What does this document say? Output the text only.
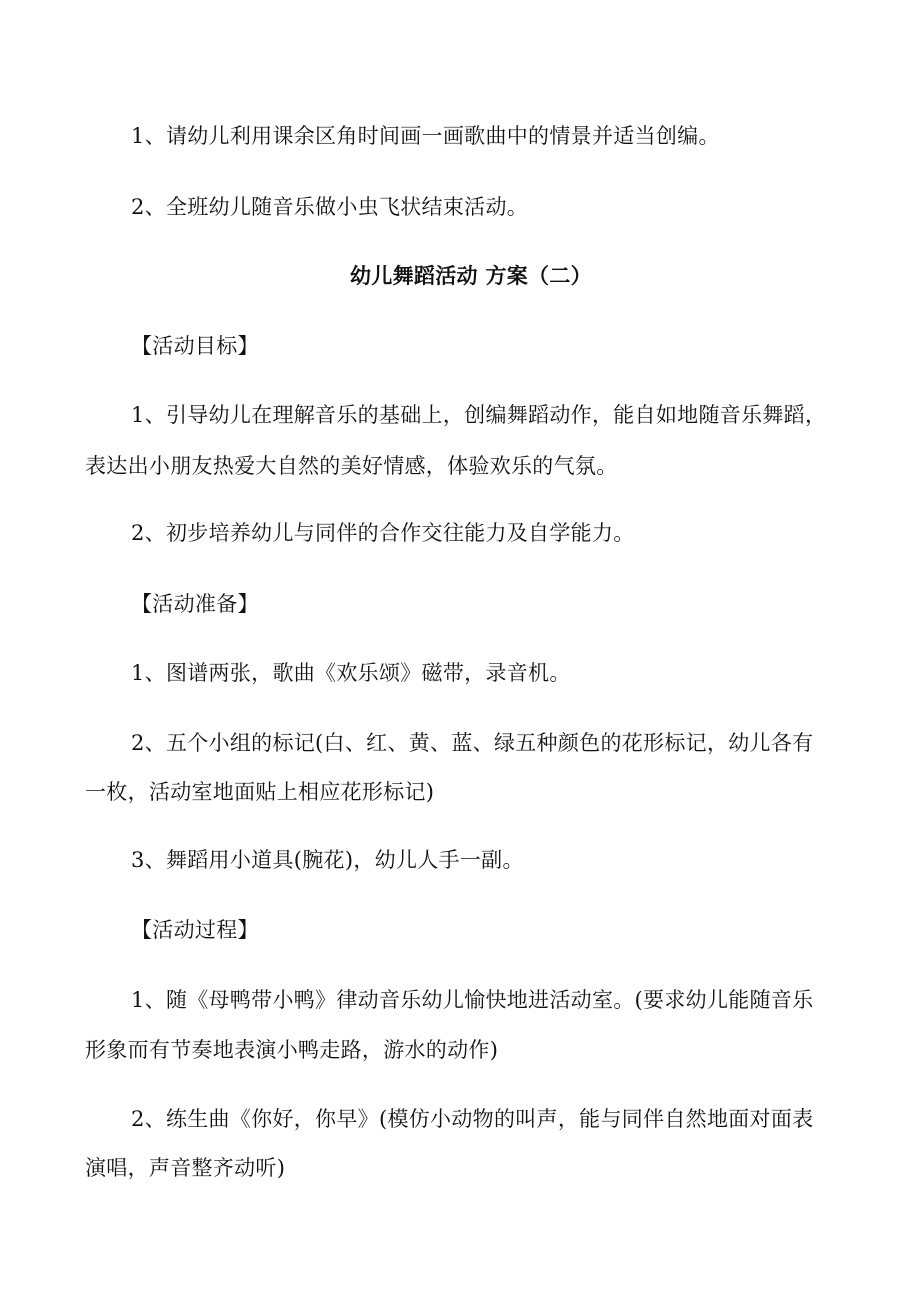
1、请幼儿利用课余区角时间画一画歌曲中的情景并适当创编。
2、全班幼儿随音乐做小虫飞状结束活动。
幼儿舞蹈活动 方案（二）
【活动目标】
1、引导幼儿在理解音乐的基础上，创编舞蹈动作，能自如地随音乐舞蹈，
表达出小朋友热爱大自然的美好情感，体验欢乐的气氛。
2、初步培养幼儿与同伴的合作交往能力及自学能力。
【活动准备】
1、图谱两张，歌曲《欢乐颂》磁带，录音机。
2、五个小组的标记(白、红、黄、蓝、绿五种颜色的花形标记，幼儿各有
一枚，活动室地面贴上相应花形标记)
3、舞蹈用小道具(腕花)，幼儿人手一副。
【活动过程】
1、随《母鸭带小鸭》律动音乐幼儿愉快地进活动室。(要求幼儿能随音乐
形象而有节奏地表演小鸭走路，游水的动作)
2、练生曲《你好，你早》(模仿小动物的叫声，能与同伴自然地面对面表
演唱，声音整齐动听)
